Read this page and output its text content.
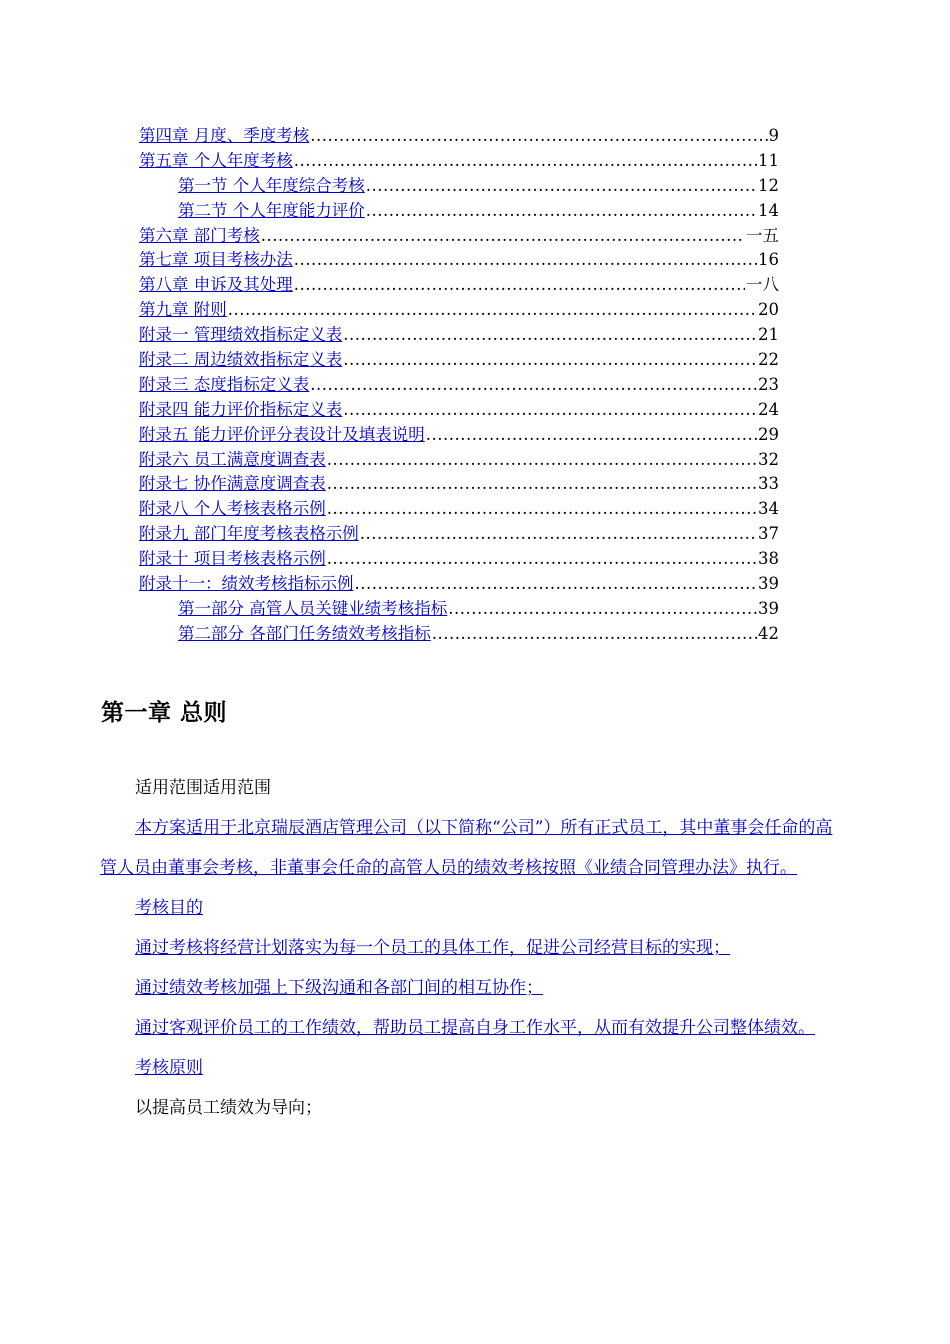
第四章 月度、季度考核 .....	9
第五章 个人年度考核 .....	11
第一节 个人年度综合考核 .....	12
第二节 个人年度能力评价 .....	14
第六章 部门考核 .....	一五
第七章 项目考核办法 .....	16
第八章 申诉及其处理 .....	一八
第九章 附则 .....	20
附录一 管理绩效指标定义表 .....	21
附录二 周边绩效指标定义表 .....	22
附录三 态度指标定义表 .....	23
附录四 能力评价指标定义表 .....	24
附录五 能力评价评分表设计及填表说明 .....	29
附录六 员工满意度调查表 .....	32
附录七 协作满意度调查表 .....	33
附录八 个人考核表格示例 .....	34
附录九 部门年度考核表格示例 .....	37
附录十 项目考核表格示例 .....	38
附录十一：绩效考核指标示例 .....	39
第一部分 高管人员关键业绩考核指标 .....	39
第二部分 各部门任务绩效考核指标 .....	42
第一章 总则

适用范围适用范围

本方案适用于北京瑞辰酒店管理公司（以下简称“公司”）所有正式员工，其中董事会任命的高管人员由董事会考核，非董事会任命的高管人员的绩效考核按照《业绩合同管理办法》执行。

考核目的

通过考核将经营计划落实为每一个员工的具体工作，促进公司经营目标的实现；

通过绩效考核加强上下级沟通和各部门间的相互协作；

通过客观评价员工的工作绩效，帮助员工提高自身工作水平，从而有效提升公司整体绩效。

考核原则

以提高员工绩效为导向；
